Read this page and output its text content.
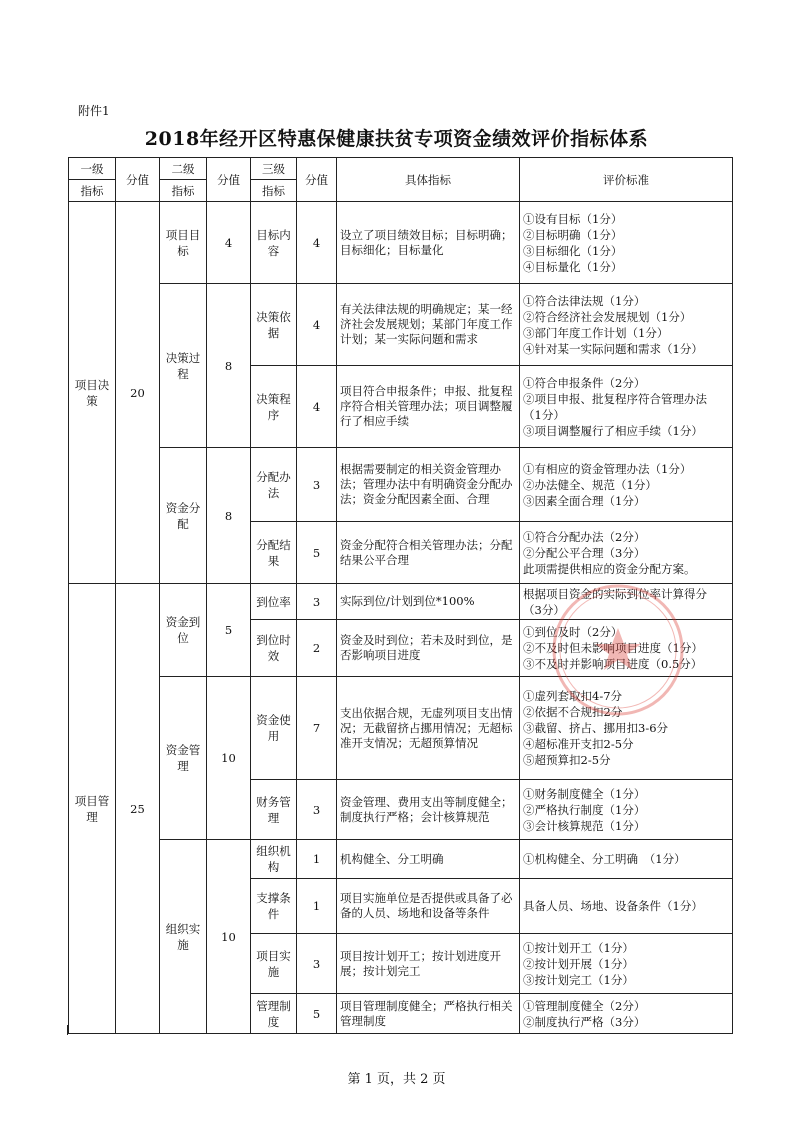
附件1
2018年经开区特惠保健康扶贫专项资金绩效评价指标体系
一级	分值	二级	分值	三级	分值	具体指标	评价标准
指标		指标		指标			
项目决策	20	项目目标	4	目标内容	4	设立了项目绩效目标；目标明确；目标细化；目标量化	①设有目标（1分）
②目标明确（1分）
③目标细化（1分）
④目标量化（1分）

		决策过程	8	决策依据	4	有关法律法规的明确规定；某一经济社会发展规划；某部门年度工作计划；某一实际问题和需求	①符合法律法规（1分）
②符合经济社会发展规划（1分）
③部门年度工作计划（1分）
④针对某一实际问题和需求（1分）

				决策程序	4	项目符合申报条件；申报、批复程序符合相关管理办法；项目调整履行了相应手续	①符合申报条件（2分）
②项目申报、批复程序符合管理办法
（1分）
③项目调整履行了相应手续（1分）

		资金分配	8	分配办法	3	根据需要制定的相关资金管理办法；管理办法中有明确资金分配办法；资金分配因素全面、合理	①有相应的资金管理办法（1分）
②办法健全、规范（1分）
③因素全面合理（1分）

				分配结果	5	资金分配符合相关管理办法；分配结果公平合理	①符合分配办法（2分）
②分配公平合理（3分）
此项需提供相应的资金分配方案。

项目管理	25	资金到位	5	到位率	3	实际到位/计划到位*100%	根据项目资金的实际到位率计算得分
（3分）

				到位时效	2	资金及时到位；若未及时到位，是否影响项目进度	①到位及时（2分）
②不及时但未影响项目进度（1分）
③不及时并影响项目进度（0.5分）

		资金管理	10	资金使用	7	支出依据合规，无虚列项目支出情况；无截留挤占挪用情况；无超标准开支情况；无超预算情况	①虚列套取扣4-7分
②依据不合规扣2分
③截留、挤占、挪用扣3-6分
④超标准开支扣2-5分
⑤超预算扣2-5分

				财务管理	3	资金管理、费用支出等制度健全；制度执行严格；会计核算规范	①财务制度健全（1分）
②严格执行制度（1分）
③会计核算规范（1分）

		组织实施	10	组织机构	1	机构健全、分工明确	①机构健全、分工明确　（1分）

				支撑条件	1	项目实施单位是否提供或具备了必备的人员、场地和设备等条件	具备人员、场地、设备条件（1分）

				项目实施	3	项目按计划开工；按计划进度开展；按计划完工	①按计划开工（1分）
②按计划开展（1分）
③按计划完工（1分）

				管理制度	5	项目管理制度健全；严格执行相关管理制度	①管理制度健全（2分）
②制度执行严格（3分）
第 1 页，共 2 页
